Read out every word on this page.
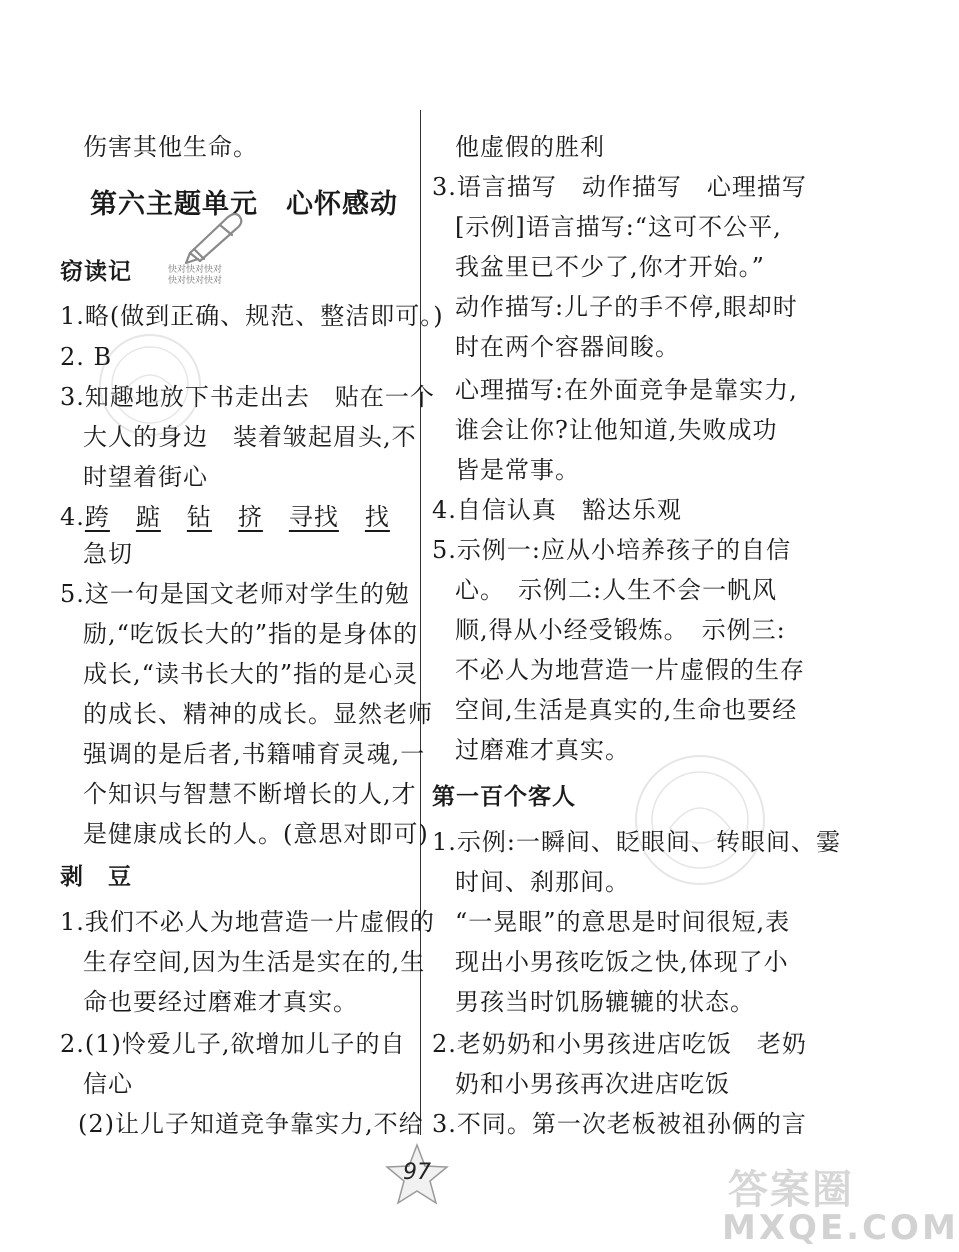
伤害其他生命。
第六主题单元　心怀感动
窃读记
1.略(做到正确、规范、整洁即可。)
2. B
3.知趣地放下书走出去　贴在一个
大人的身边　装着皱起眉头,不
时望着街心
4.跨 踮 钻 挤 寻找 找
急切
5.这一句是国文老师对学生的勉
励,“吃饭长大的”指的是身体的
成长,“读书长大的”指的是心灵
的成长、精神的成长。显然老师
强调的是后者,书籍哺育灵魂,一
个知识与智慧不断增长的人,才
是健康成长的人。(意思对即可)
剥　豆
1.我们不必人为地营造一片虚假的
生存空间,因为生活是实在的,生
命也要经过磨难才真实。
2.(1)怜爱儿子,欲增加儿子的自
信心
(2)让儿子知道竞争靠实力,不给
快对快对快对
快对快对快对
他虚假的胜利
3.语言描写　动作描写　心理描写
[示例]语言描写:“这可不公平,
我盆里已不少了,你才开始。”
动作描写:儿子的手不停,眼却时
时在两个容器间睃。
心理描写:在外面竞争是靠实力,
谁会让你?让他知道,失败成功
皆是常事。
4.自信认真　豁达乐观
5.示例一:应从小培养孩子的自信
心。　示例二:人生不会一帆风
顺,得从小经受锻炼。　示例三:
不必人为地营造一片虚假的生存
空间,生活是真实的,生命也要经
过磨难才真实。
第一百个客人
1.示例:一瞬间、眨眼间、转眼间、霎
时间、刹那间。
“一晃眼”的意思是时间很短,表
现出小男孩吃饭之快,体现了小
男孩当时饥肠辘辘的状态。
2.老奶奶和小男孩进店吃饭　老奶
奶和小男孩再次进店吃饭
3.不同。第一次老板被祖孙俩的言
97	答案圈
MXQE.COM
